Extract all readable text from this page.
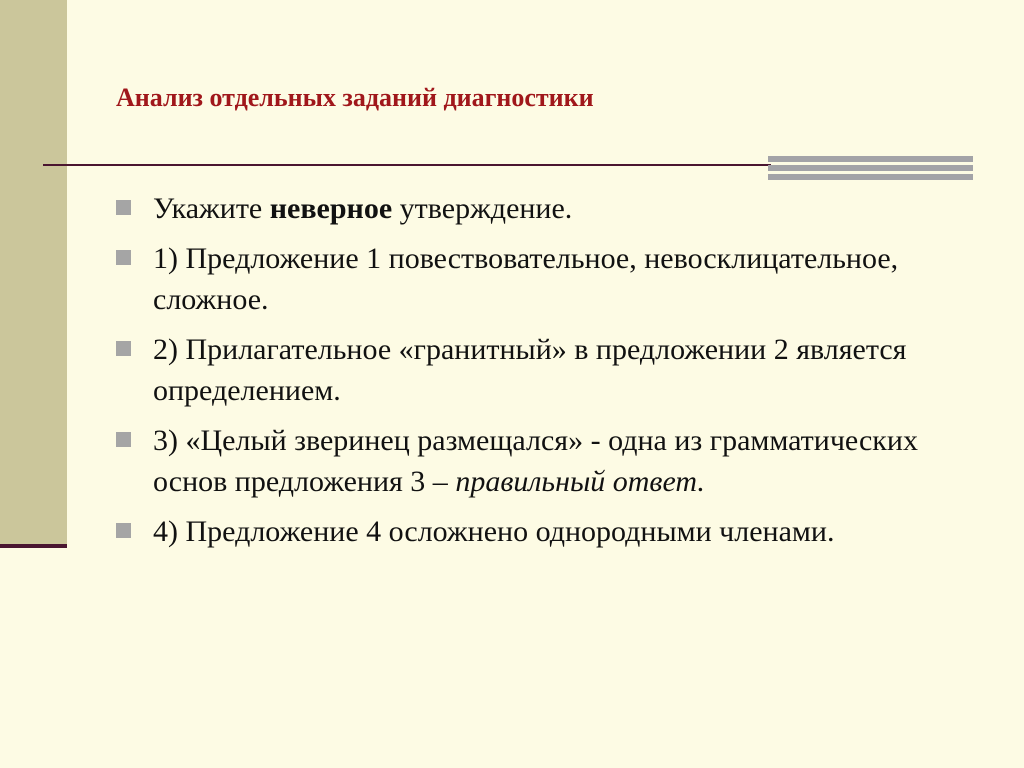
Анализ отдельных заданий диагностики
Укажите неверное утверждение.
1) Предложение 1 повествовательное, невосклицательное, сложное.
2) Прилагательное «гранитный» в предложении 2 является определением.
3) «Целый зверинец размещался» - одна из грамматических основ предложения 3 – правильный ответ.
4) Предложение 4 осложнено однородными членами.
